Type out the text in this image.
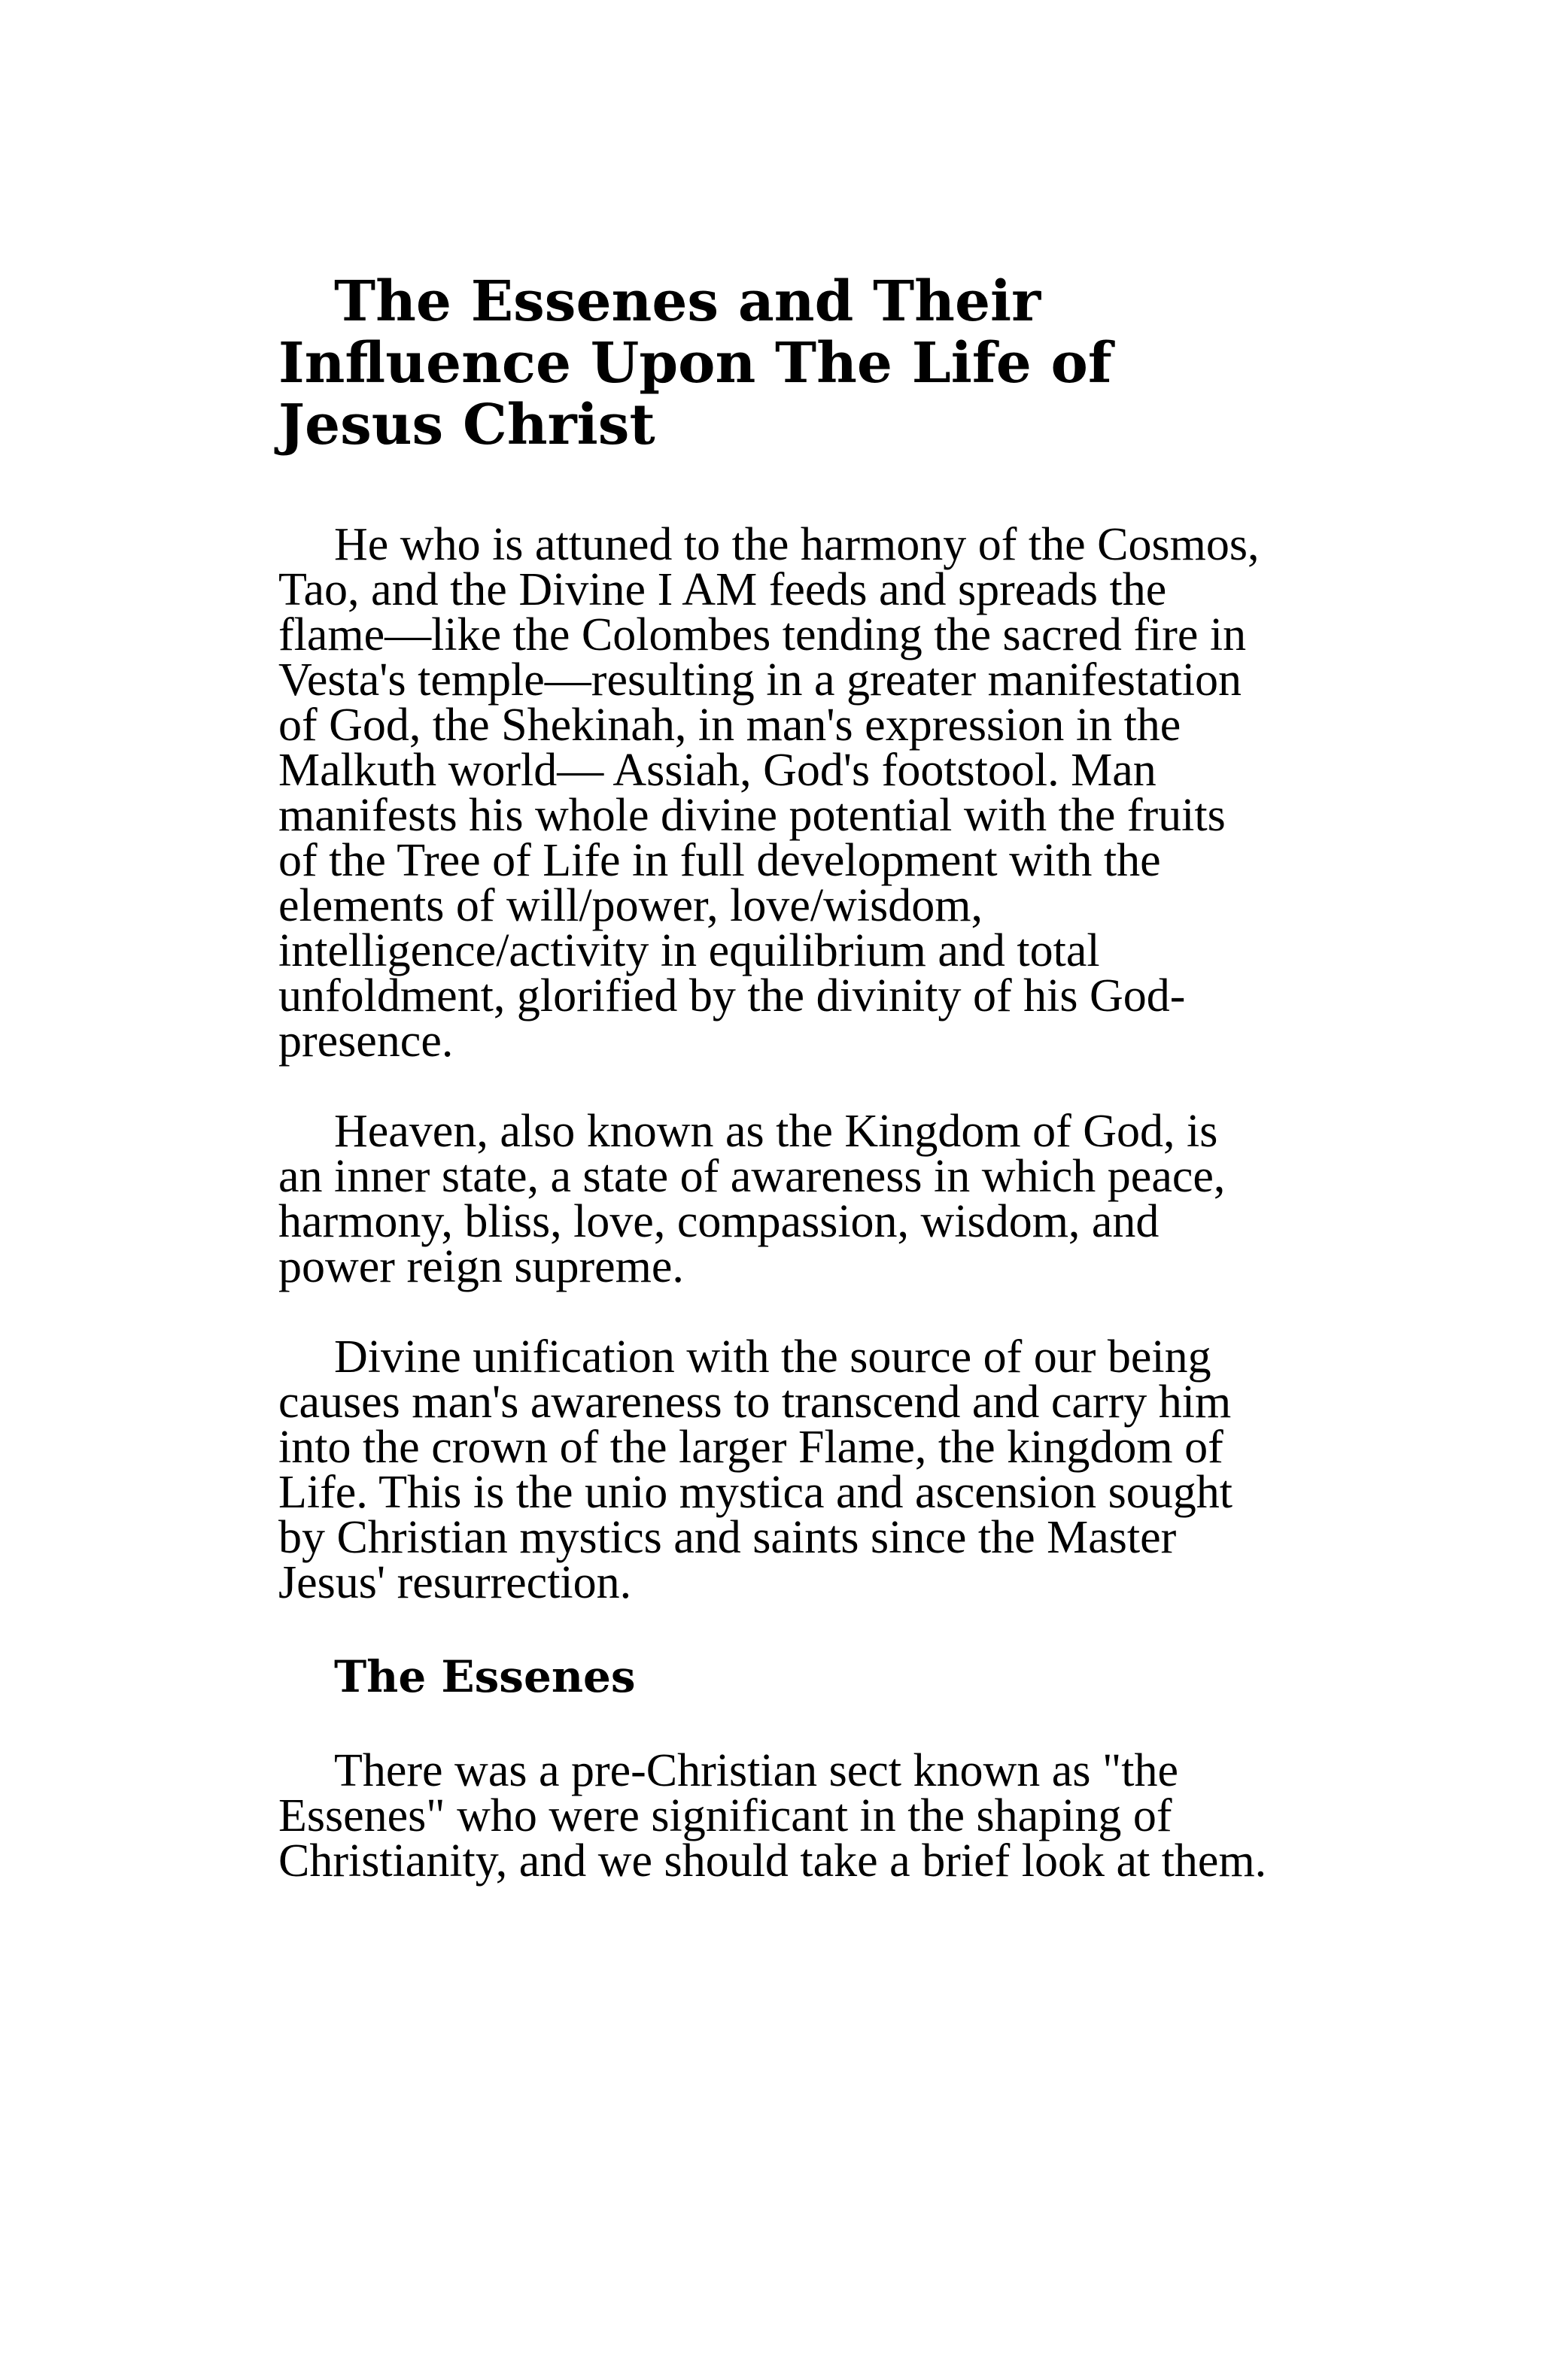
The Essenes and Their Influence Upon The Life of Jesus Christ

He who is attuned to the harmony of the Cosmos, Tao, and the Divine I AM feeds and spreads the flame—like the Colombes tending the sacred fire in Vesta's temple—resulting in a greater manifestation of God, the Shekinah, in man's expression in the Malkuth world— Assiah, God's footstool. Man manifests his whole divine potential with the fruits of the Tree of Life in full development with the elements of will/power, love/wisdom, intelligence/activity in equilibrium and total unfoldment, glorified by the divinity of his God-presence.

Heaven, also known as the Kingdom of God, is an inner state, a state of awareness in which peace, harmony, bliss, love, compassion, wisdom, and power reign supreme.

Divine unification with the source of our being causes man's awareness to transcend and carry him into the crown of the larger Flame, the kingdom of Life. This is the unio mystica and ascension sought by Christian mystics and saints since the Master Jesus' resurrection.

The Essenes

There was a pre-Christian sect known as "the Essenes" who were significant in the shaping of Christianity, and we should take a brief look at them.
